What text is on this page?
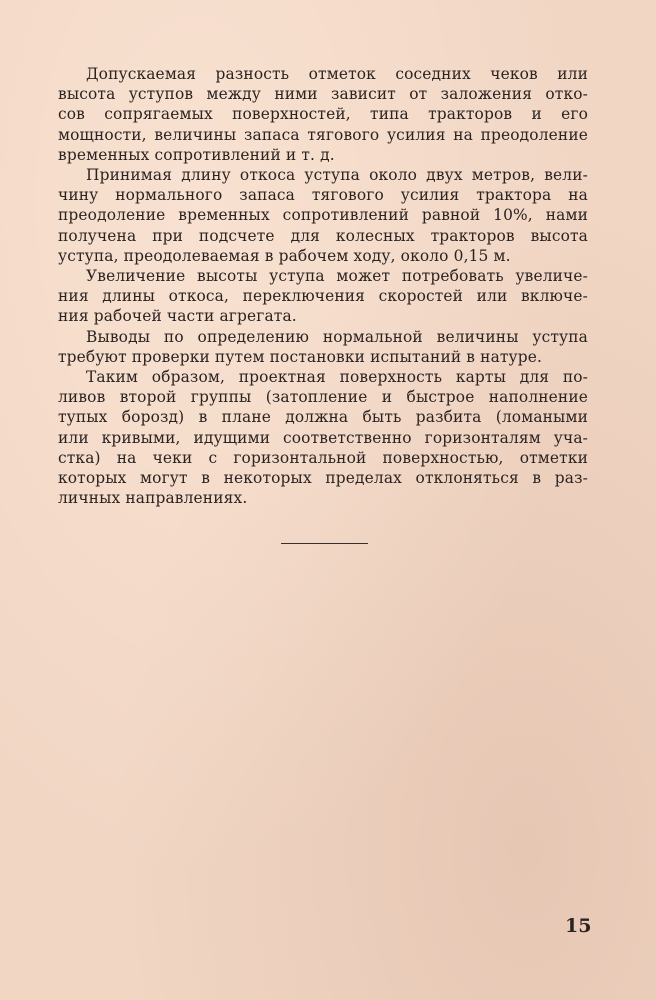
Допускаемая разность отметок соседних чеков или
высота уступов между ними зависит от заложения отко-
сов сопрягаемых поверхностей, типа тракторов и его
мощности, величины запаса тягового усилия на преодоление
временных сопротивлений и т. д.

Принимая длину откоса уступа около двух метров, вели-
чину нормального запаса тягового усилия трактора на
преодоление временных сопротивлений равной 10%, нами
получена при подсчете для колесных тракторов высота
уступа, преодолеваемая в рабочем ходу, около 0,15 м.

Увеличение высоты уступа может потребовать увеличе-
ния длины откоса, переключения скоростей или включе-
ния рабочей части агрегата.

Выводы по определению нормальной величины уступа
требуют проверки путем постановки испытаний в натуре.

Таким образом, проектная поверхность карты для по-
ливов второй группы (затопление и быстрое наполнение
тупых борозд) в плане должна быть разбита (ломаными
или кривыми, идущими соответственно горизонталям уча-
стка) на чеки с горизонтальной поверхностью, отметки
которых могут в некоторых пределах отклоняться в раз-
личных направлениях.

15
